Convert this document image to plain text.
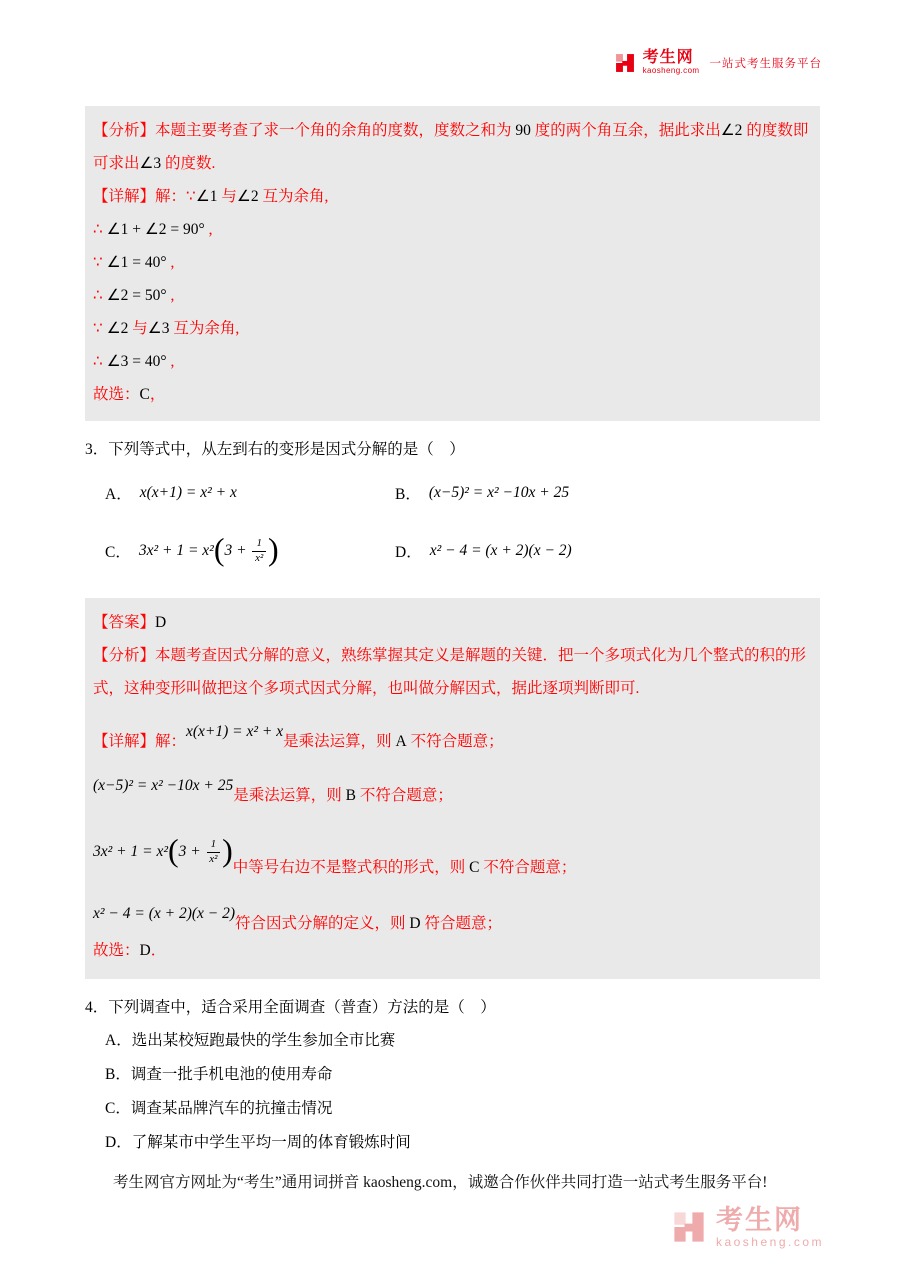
考生网
kaosheng.com
一站式考生服务平台
【分析】本题主要考查了求一个角的余角的度数，度数之和为 90 度的两个角互余，据此求出∠2 的度数即可求出∠3 的度数.
【详解】解：∵∠1 与∠2 互为余角,
∴ ∠1 + ∠2 = 90° ,
∵ ∠1 = 40° ,
∴ ∠2 = 50° ,
∵ ∠2 与∠3 互为余角,
∴ ∠3 = 40° ,
故选：C，
3．下列等式中，从左到右的变形是因式分解的是（　）
A． x(x+1) = x² + x	B． (x−5)² = x² −10x + 25
C． $3x^2 + 1 = x^2(3 + \frac{1}{\text{x²}}$ )	D． x² − 4 = (x + 2)(x − 2)
【答案】D
【分析】本题考查因式分解的意义，熟练掌握其定义是解题的关键．把一个多项式化为几个整式的积的形式，这种变形叫做把这个多项式因式分解，也叫做分解因式，据此逐项判断即可.
【详解】解：
x(x+1) = x² + x
是乘法运算，则 A 不符合题意；
(x−5)² = x² −10x + 25
是乘法运算，则 B 不符合题意；
$3x^2 + 1 = x^2(3 + \frac{1}{\text{x²}}$ ) 中等号右边不是整式积的形式，则 C 不符合题意；
x² − 4 = (x + 2)(x − 2)
符合因式分解的定义，则 D 符合题意；
故选：D．
4．下列调查中，适合采用全面调查（普查）方法的是（　）
A．选出某校短跑最快的学生参加全市比赛
B．调查一批手机电池的使用寿命
C．调查某品牌汽车的抗撞击情况
D．了解某市中学生平均一周的体育锻炼时间
考生网官方网址为“考生”通用词拼音 kaosheng.com，诚邀合作伙伴共同打造一站式考生服务平台!
考生网
kaosheng.com
